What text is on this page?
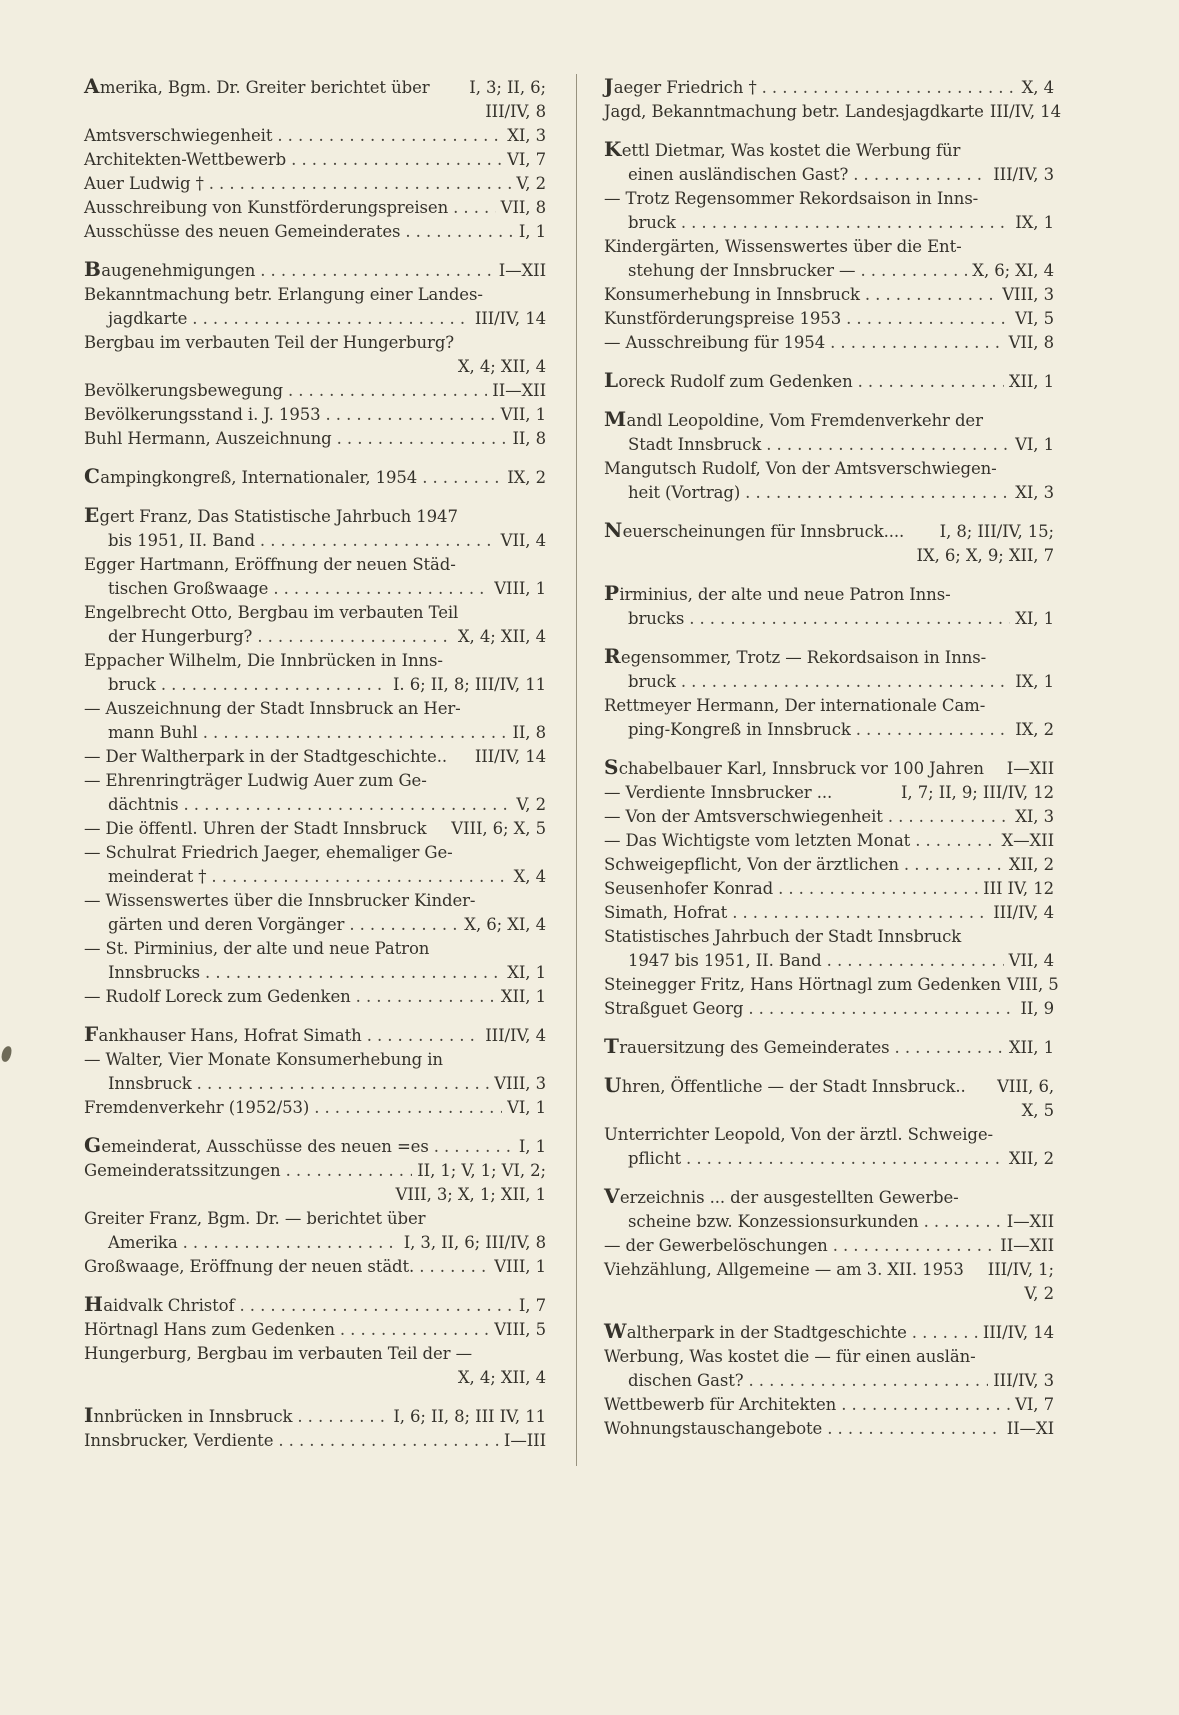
Amerika, Bgm. Dr. Greiter berichtet über I, 3; II, 6;
III/IV, 8
Amtsverschwiegenheit . . .	XI, 3
Architekten-Wettbewerb . . .	VI, 7
Auer Ludwig † . . .	V, 2
Ausschreibung von Kunstförderungspreisen . . .	VII, 8
Ausschüsse des neuen Gemeinderates . . .	I, 1
Baugenehmigungen . . .	I—XII
Bekanntmachung betr. Erlangung einer Landes-
jagdkarte . . .	III/IV, 14
Bergbau im verbauten Teil der Hungerburg?
X, 4; XII, 4
Bevölkerungsbewegung . . .	II—XII
Bevölkerungsstand i. J. 1953 . . .	VII, 1
Buhl Hermann, Auszeichnung . . .	II, 8
Campingkongreß, Internationaler, 1954 . . .	IX, 2
Egert Franz, Das Statistische Jahrbuch 1947
bis 1951, II. Band . . .	VII, 4
Egger Hartmann, Eröffnung der neuen Städ-
tischen Großwaage . . .	VIII, 1
Engelbrecht Otto, Bergbau im verbauten Teil
der Hungerburg? . . .	X, 4; XII, 4
Eppacher Wilhelm, Die Innbrücken in Inns-
bruck . . .	I. 6; II, 8; III/IV, 11
— Auszeichnung der Stadt Innsbruck an Her-
mann Buhl . . .	II, 8
— Der Waltherpark in der Stadtgeschichte.. III/IV, 14
— Ehrenringträger Ludwig Auer zum Ge-
dächtnis . . .	V, 2
— Die öffentl. Uhren der Stadt Innsbruck VIII, 6; X, 5
— Schulrat Friedrich Jaeger, ehemaliger Ge-
meinderat † . . .	X, 4
— Wissenswertes über die Innsbrucker Kinder-
gärten und deren Vorgänger . . .	X, 6; XI, 4
— St. Pirminius, der alte und neue Patron
Innsbrucks . . .	XI, 1
— Rudolf Loreck zum Gedenken . . .	XII, 1
Fankhauser Hans, Hofrat Simath . . .	III/IV, 4
— Walter, Vier Monate Konsumerhebung in
Innsbruck . . .	VIII, 3
Fremdenverkehr (1952/53) . . .	VI, 1
Gemeinderat, Ausschüsse des neuen =es . . .	I, 1
Gemeinderatssitzungen . . .	II, 1; V, 1; VI, 2;
VIII, 3; X, 1; XII, 1
Greiter Franz, Bgm. Dr. — berichtet über
Amerika . . .	I, 3, II, 6; III/IV, 8
Großwaage, Eröffnung der neuen städt. . . .	VIII, 1
Haidvalk Christof . . .	I, 7
Hörtnagl Hans zum Gedenken . . .	VIII, 5
Hungerburg, Bergbau im verbauten Teil der —
X, 4; XII, 4
Innbrücken in Innsbruck . . .	I, 6; II, 8; III IV, 11
Innsbrucker, Verdiente . . .	I—III
Jaeger Friedrich † . . .	X, 4
Jagd, Bekanntmachung betr. Landesjagdkarte III/IV, 14
Kettl Dietmar, Was kostet die Werbung für
einen ausländischen Gast? . . .	III/IV, 3
— Trotz Regensommer Rekordsaison in Inns-
bruck . . .	IX, 1
Kindergärten, Wissenswertes über die Ent-
stehung der Innsbrucker — . . .	X, 6; XI, 4
Konsumerhebung in Innsbruck . . .	VIII, 3
Kunstförderungspreise 1953 . . .	VI, 5
— Ausschreibung für 1954 . . .	VII, 8
Loreck Rudolf zum Gedenken . . .	XII, 1
Mandl Leopoldine, Vom Fremdenverkehr der
Stadt Innsbruck . . .	VI, 1
Mangutsch Rudolf, Von der Amtsverschwiegen-
heit (Vortrag) . . .	XI, 3
Neuerscheinungen für Innsbruck.... I, 8; III/IV, 15;
IX, 6; X, 9; XII, 7
Pirminius, der alte und neue Patron Inns-
brucks . . .	XI, 1
Regensommer, Trotz — Rekordsaison in Inns-
bruck . . .	IX, 1
Rettmeyer Hermann, Der internationale Cam-
ping-Kongreß in Innsbruck . . .	IX, 2
Schabelbauer Karl, Innsbruck vor 100 Jahren I—XII
— Verdiente Innsbrucker ...	I, 7; II, 9; III/IV, 12
— Von der Amtsverschwiegenheit . . .	XI, 3
— Das Wichtigste vom letzten Monat . . .	X—XII
Schweigepflicht, Von der ärztlichen . . .	XII, 2
Seusenhofer Konrad . . .	III IV, 12
Simath, Hofrat . . .	III/IV, 4
Statistisches Jahrbuch der Stadt Innsbruck
1947 bis 1951, II. Band . . .	VII, 4
Steinegger Fritz, Hans Hörtnagl zum Gedenken VIII, 5
Straßguet Georg . . .	II, 9
Trauersitzung des Gemeinderates . . .	XII, 1
Uhren, Öffentliche — der Stadt Innsbruck.. VIII, 6,
X, 5
Unterrichter Leopold, Von der ärztl. Schweige-
pflicht . . .	XII, 2
Verzeichnis ... der ausgestellten Gewerbe-
scheine bzw. Konzessionsurkunden . . .	I—XII
— der Gewerbelöschungen . . .	II—XII
Viehzählung, Allgemeine — am 3. XII. 1953 III/IV, 1;
V, 2
Waltherpark in der Stadtgeschichte . . .	III/IV, 14
Werbung, Was kostet die — für einen auslän-
dischen Gast? . . .	III/IV, 3
Wettbewerb für Architekten . . .	VI, 7
Wohnungstauschangebote . . .	II—XI
